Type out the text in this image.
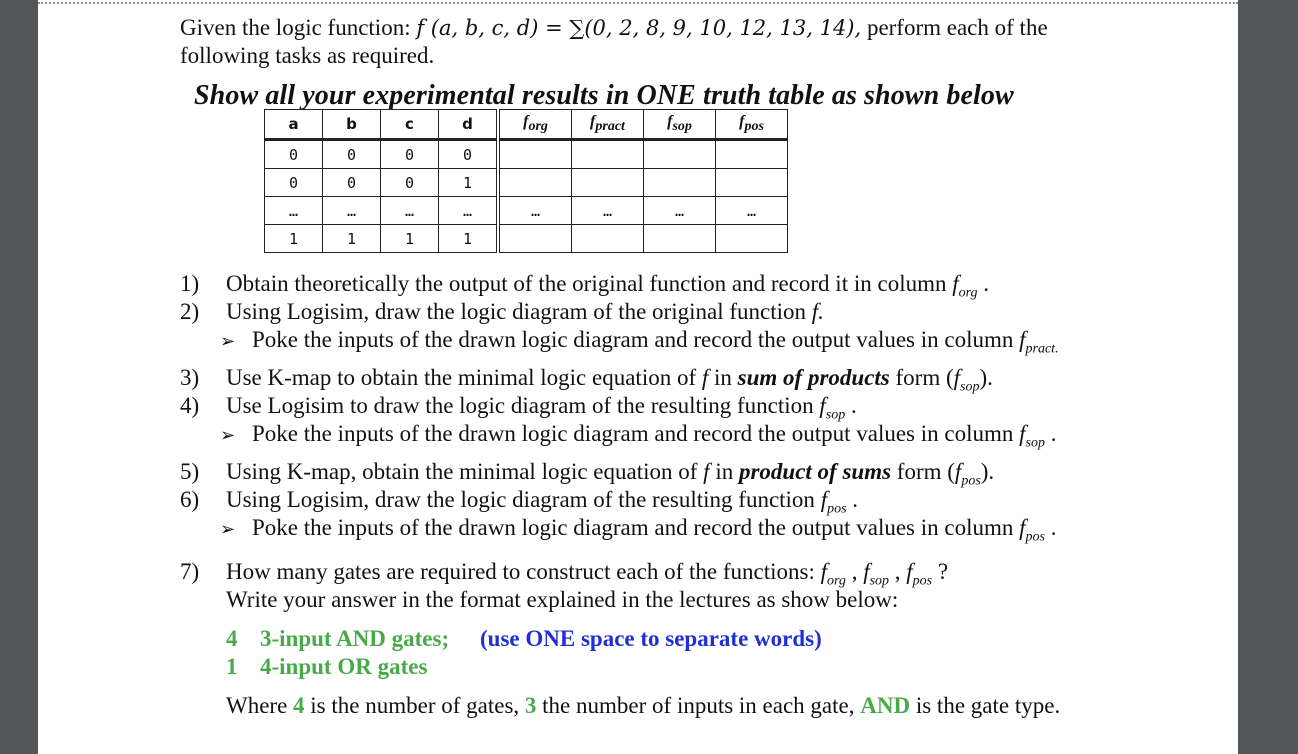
Given the logic function: f (a, b, c, d) = ∑(0, 2, 8, 9, 10, 12, 13, 14), perform each of the
following tasks as required.

Show all your experimental results in ONE truth table as shown below
a	b	c	d	$f_{org}$	$f_{pract}$	$f_{sop}$	$f_{pos}$
0	0	0	0				
0	0	0	1				
…	…	…	…	…	…	…	…
1	1	1	1				
1) Obtain theoretically the output of the original function and record it in column $f_{org}$ .
2) Using Logisim, draw the logic diagram of the original function f.
➢ Poke the inputs of the drawn logic diagram and record the output values in column $f_{pract.}$
3) Use K-map to obtain the minimal logic equation of f in sum of products form $(f_{sop})$.
4) Use Logisim to draw the logic diagram of the resulting function $f_{sop}$ .
➢ Poke the inputs of the drawn logic diagram and record the output values in column $f_{sop}$ .
5) Using K-map, obtain the minimal logic equation of f in product of sums form $(f_{pos})$.
6) Using Logisim, draw the logic diagram of the resulting function $f_{pos}$ .
➢ Poke the inputs of the drawn logic diagram and record the output values in column $f_{pos}$ .
7) How many gates are required to construct each of the functions: $f_{org}$ , $f_{sop}$ , $f_{pos}$ ?
Write your answer in the format explained in the lectures as show below:
4 3-input AND gates; (use ONE space to separate words)
1 4-input OR gates
Where 4 is the number of gates, 3 the number of inputs in each gate, AND is the gate type.
